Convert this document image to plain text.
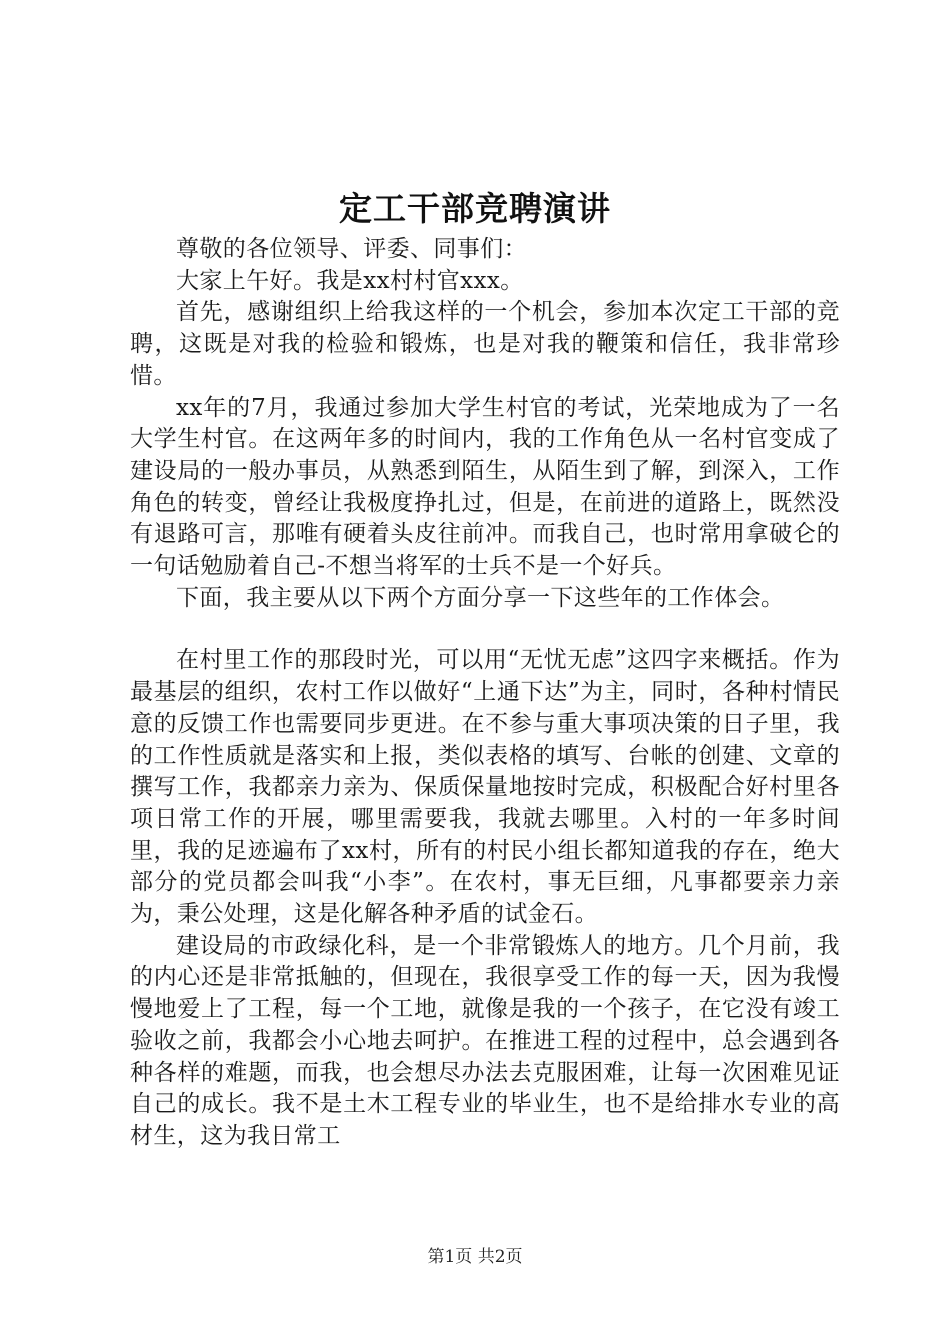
定工干部竞聘演讲

尊敬的各位领导、评委、同事们：

大家上午好。我是xx村村官xxx。

首先，感谢组织上给我这样的一个机会，参加本次定工干部的竞聘，这既是对我的检验和锻炼，也是对我的鞭策和信任，我非常珍惜。

xx年的7月，我通过参加大学生村官的考试，光荣地成为了一名大学生村官。在这两年多的时间内，我的工作角色从一名村官变成了建设局的一般办事员，从熟悉到陌生，从陌生到了解，到深入，工作角色的转变，曾经让我极度挣扎过，但是，在前进的道路上，既然没有退路可言，那唯有硬着头皮往前冲。而我自己，也时常用拿破仑的一句话勉励着自己-不想当将军的士兵不是一个好兵。

下面，我主要从以下两个方面分享一下这些年的工作体会。

在村里工作的那段时光，可以用“无忧无虑”这四字来概括。作为最基层的组织，农村工作以做好“上通下达”为主，同时，各种村情民意的反馈工作也需要同步更进。在不参与重大事项决策的日子里，我的工作性质就是落实和上报，类似表格的填写、台帐的创建、文章的撰写工作，我都亲力亲为、保质保量地按时完成，积极配合好村里各项日常工作的开展，哪里需要我，我就去哪里。入村的一年多时间里，我的足迹遍布了xx村，所有的村民小组长都知道我的存在，绝大部分的党员都会叫我“小李”。在农村，事无巨细，凡事都要亲力亲为，秉公处理，这是化解各种矛盾的试金石。

建设局的市政绿化科，是一个非常锻炼人的地方。几个月前，我的内心还是非常抵触的，但现在，我很享受工作的每一天，因为我慢慢地爱上了工程，每一个工地，就像是我的一个孩子，在它没有竣工验收之前，我都会小心地去呵护。在推进工程的过程中，总会遇到各种各样的难题，而我，也会想尽办法去克服困难，让每一次困难见证自己的成长。我不是土木工程专业的毕业生，也不是给排水专业的高材生，这为我日常工

第1页 共2页
